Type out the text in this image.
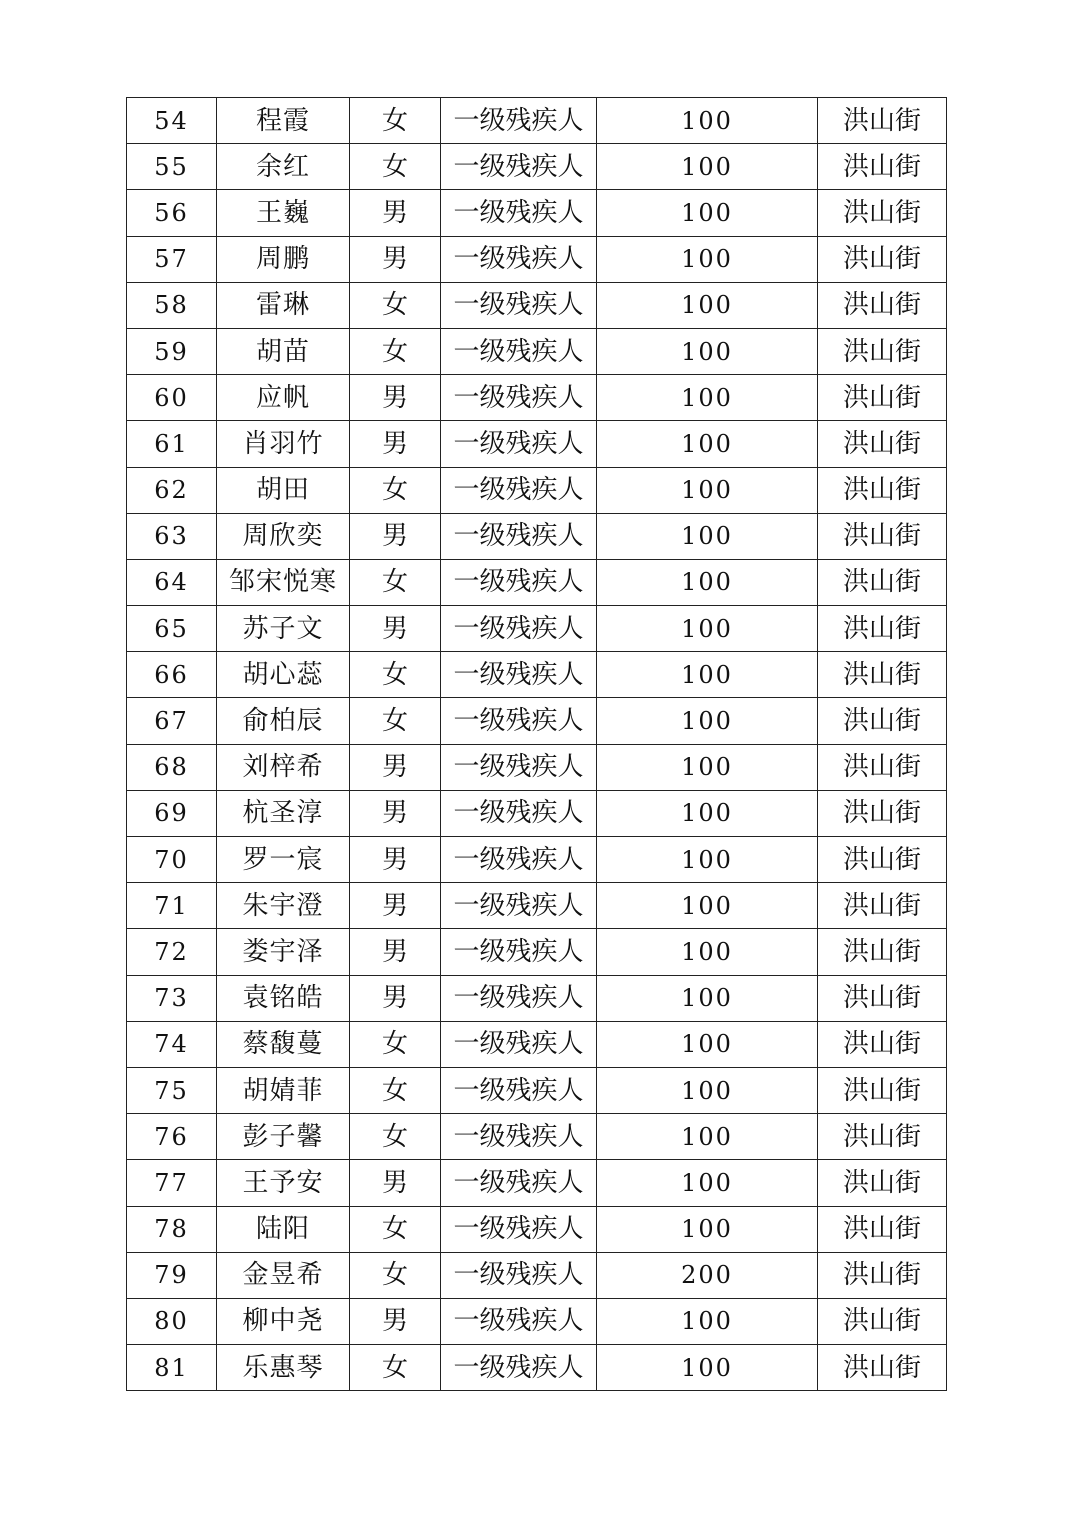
54	程霞	女	一级残疾人	100	洪山街
55	余红	女	一级残疾人	100	洪山街
56	王巍	男	一级残疾人	100	洪山街
57	周鹏	男	一级残疾人	100	洪山街
58	雷琳	女	一级残疾人	100	洪山街
59	胡苗	女	一级残疾人	100	洪山街
60	应帆	男	一级残疾人	100	洪山街
61	肖羽竹	男	一级残疾人	100	洪山街
62	胡田	女	一级残疾人	100	洪山街
63	周欣奕	男	一级残疾人	100	洪山街
64	邹宋悦寒	女	一级残疾人	100	洪山街
65	苏子文	男	一级残疾人	100	洪山街
66	胡心蕊	女	一级残疾人	100	洪山街
67	俞柏辰	女	一级残疾人	100	洪山街
68	刘梓希	男	一级残疾人	100	洪山街
69	杭圣淳	男	一级残疾人	100	洪山街
70	罗一宸	男	一级残疾人	100	洪山街
71	朱宇澄	男	一级残疾人	100	洪山街
72	娄宇泽	男	一级残疾人	100	洪山街
73	袁铭皓	男	一级残疾人	100	洪山街
74	蔡馥蔓	女	一级残疾人	100	洪山街
75	胡婧菲	女	一级残疾人	100	洪山街
76	彭子馨	女	一级残疾人	100	洪山街
77	王予安	男	一级残疾人	100	洪山街
78	陆阳	女	一级残疾人	100	洪山街
79	金昱希	女	一级残疾人	200	洪山街
80	柳中尧	男	一级残疾人	100	洪山街
81	乐惠琴	女	一级残疾人	100	洪山街
